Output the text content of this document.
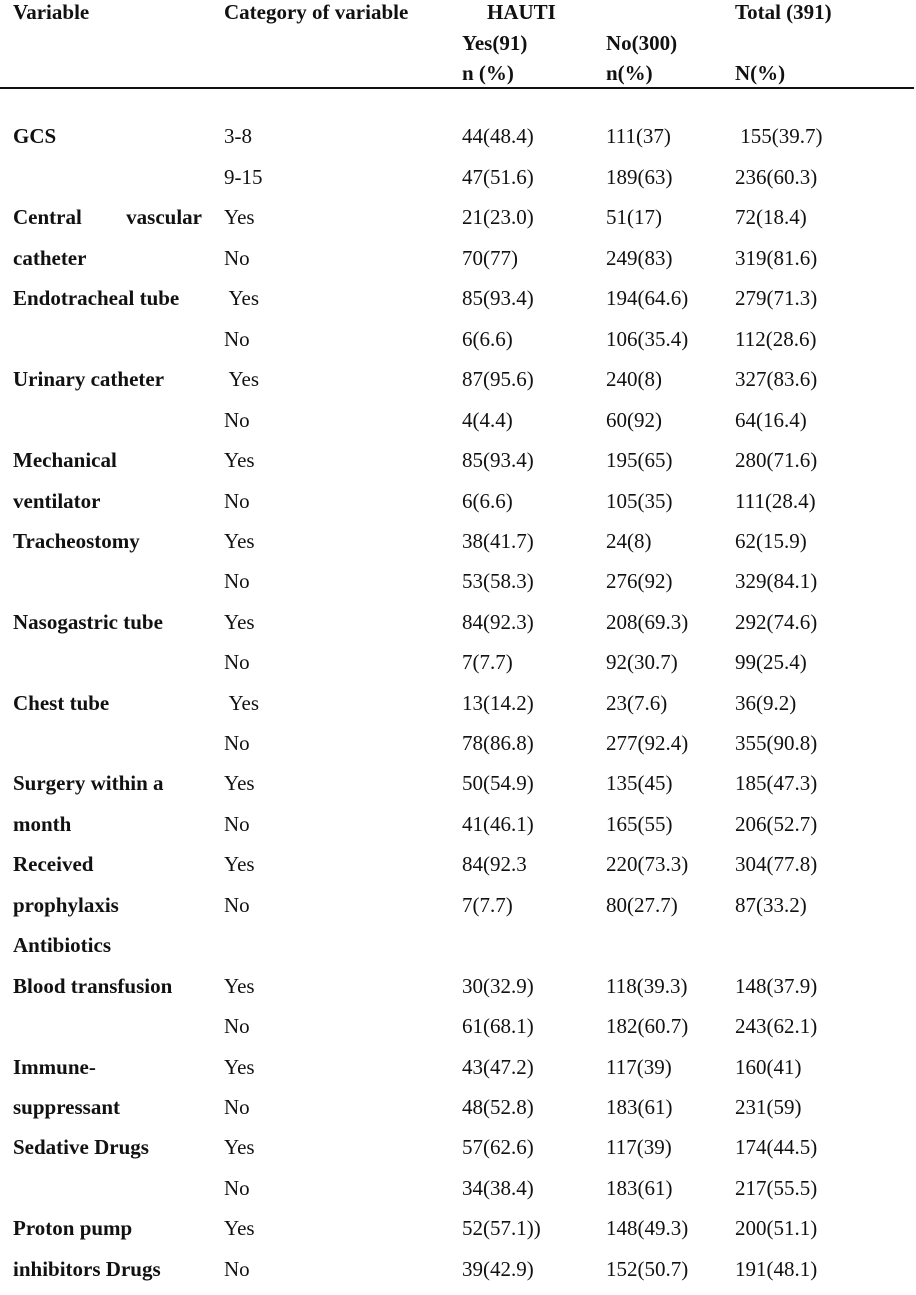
Variable	Category of variable	HAUTI	Total (391)
Yes(91)	No(300)
n (%)	n(%)	N(%)
GCS	3-8	44(48.4)	111(37)	155(39.7)
9-15	47(51.6)	189(63)	236(60.3)
Central vascular Yes	21(23.0)	51(17)	72(18.4)
catheter	No	70(77)	249(83)	319(81.6)
Endotracheal tube Yes	85(93.4)	194(64.6) 279(71.3)
No	6(6.6)	106(35.4) 112(28.6)
Urinary catheter	Yes	87(95.6)	240(8)	327(83.6)
No	4(4.4)	60(92)	64(16.4)
Mechanical	Yes	85(93.4)	195(65)	280(71.6)
ventilator	No	6(6.6)	105(35)	111(28.4)
Tracheostomy	Yes	38(41.7)	24(8)	62(15.9)
No	53(58.3)	276(92)	329(84.1)
Nasogastric tube	Yes	84(92.3)	208(69.3) 292(74.6)
No	7(7.7)	92(30.7)	99(25.4)
Chest tube	Yes	13(14.2)	23(7.6)	36(9.2)
No	78(86.8)	277(92.4) 355(90.8)
Surgery within a	Yes	50(54.9)	135(45)	185(47.3)
month	No	41(46.1)	165(55)	206(52.7)
Received	Yes	84(92.3	220(73.3) 304(77.8)
prophylaxis	No	7(7.7)	80(27.7)	87(33.2)
Antibiotics
Blood transfusion Yes	30(32.9)	118(39.3) 148(37.9)
No	61(68.1)	182(60.7) 243(62.1)
Immune-	Yes	43(47.2)	117(39)	160(41)
suppressant	No	48(52.8)	183(61)	231(59)
Sedative Drugs	Yes	57(62.6)	117(39)	174(44.5)
No	34(38.4)	183(61)	217(55.5)
Proton pump	Yes	52(57.1))	148(49.3) 200(51.1)
inhibitors Drugs	No	39(42.9)	152(50.7) 191(48.1)
